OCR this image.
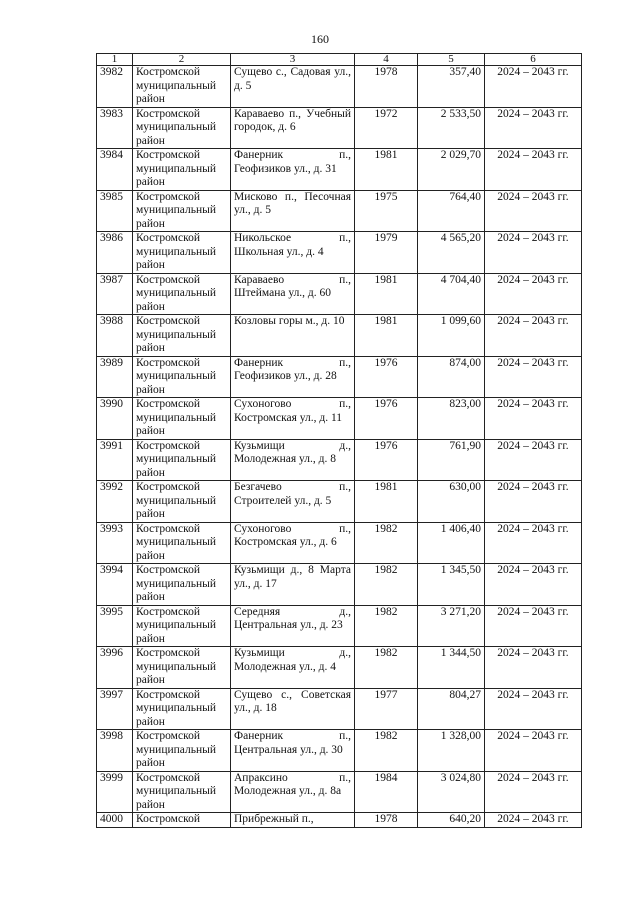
160
1	2	3	4	5	6
3982	Костромской муниципальный район	Сущево с., Садовая ул., д. 5	1978	357,40	2024 – 2043 гг.
3983	Костромской муниципальный район	Караваево п., Учебный городок, д. 6	1972	2 533,50	2024 – 2043 гг.
3984	Костромской муниципальный район	Фанерник п., Геофизиков ул., д. 31	1981	2 029,70	2024 – 2043 гг.
3985	Костромской муниципальный район	Мисково п., Песочная ул., д. 5	1975	764,40	2024 – 2043 гг.
3986	Костромской муниципальный район	Никольское п., Школьная ул., д. 4	1979	4 565,20	2024 – 2043 гг.
3987	Костромской муниципальный район	Караваево п., Штеймана ул., д. 60	1981	4 704,40	2024 – 2043 гг.
3988	Костромской муниципальный район	Козловы горы м., д. 10	1981	1 099,60	2024 – 2043 гг.
3989	Костромской муниципальный район	Фанерник п., Геофизиков ул., д. 28	1976	874,00	2024 – 2043 гг.
3990	Костромской муниципальный район	Сухоногово п., Костромская ул., д. 11	1976	823,00	2024 – 2043 гг.
3991	Костромской муниципальный район	Кузьмищи д., Молодежная ул., д. 8	1976	761,90	2024 – 2043 гг.
3992	Костромской муниципальный район	Безгачево п., Строителей ул., д. 5	1981	630,00	2024 – 2043 гг.
3993	Костромской муниципальный район	Сухоногово п., Костромская ул., д. 6	1982	1 406,40	2024 – 2043 гг.
3994	Костромской муниципальный район	Кузьмищи д., 8 Марта ул., д. 17	1982	1 345,50	2024 – 2043 гг.
3995	Костромской муниципальный район	Середняя д., Центральная ул., д. 23	1982	3 271,20	2024 – 2043 гг.
3996	Костромской муниципальный район	Кузьмищи д., Молодежная ул., д. 4	1982	1 344,50	2024 – 2043 гг.
3997	Костромской муниципальный район	Сущево с., Советская ул., д. 18	1977	804,27	2024 – 2043 гг.
3998	Костромской муниципальный район	Фанерник п., Центральная ул., д. 30	1982	1 328,00	2024 – 2043 гг.
3999	Костромской муниципальный район	Апраксино п., Молодежная ул., д. 8а	1984	3 024,80	2024 – 2043 гг.
4000	Костромской	Прибрежный п.,	1978	640,20	2024 – 2043 гг.
